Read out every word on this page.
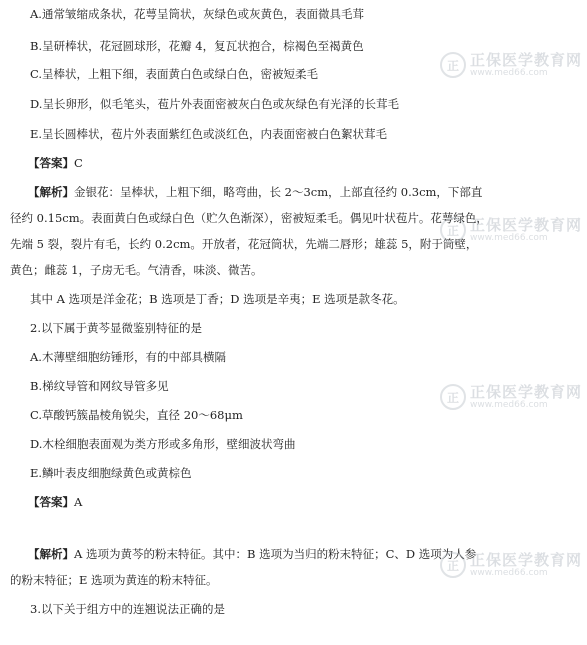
A.通常皱缩成条状，花萼呈筒状，灰绿色或灰黄色，表面微具毛茸
B.呈研棒状，花冠圆球形，花瓣 4，复瓦状抱合，棕褐色至褐黄色
C.呈棒状，上粗下细，表面黄白色或绿白色，密被短柔毛
D.呈长卵形，似毛笔头，苞片外表面密被灰白色或灰绿色有光泽的长茸毛
E.呈长圆棒状，苞片外表面紫红色或淡红色，内表面密被白色絮状茸毛
【答案】C
【解析】金银花：呈棒状，上粗下细，略弯曲，长 2～3cm，上部直径约 0.3cm，下部直
径约 0.15cm。表面黄白色或绿白色（贮久色渐深），密被短柔毛。偶见叶状苞片。花萼绿色，
先端 5 裂，裂片有毛，长约 0.2cm。开放者，花冠筒状，先端二唇形；雄蕊 5，附于筒壁，
黄色；雌蕊 1，子房无毛。气清香，味淡、微苦。
其中 A 选项是洋金花；B 选项是丁香；D 选项是辛夷；E 选项是款冬花。
2.以下属于黄芩显微鉴别特征的是
A.木薄壁细胞纺锤形，有的中部具横隔
B.梯纹导管和网纹导管多见
C.草酸钙簇晶棱角锐尖，直径 20～68μm
D.木栓细胞表面观为类方形或多角形，壁细波状弯曲
E.鳞叶表皮细胞绿黄色或黄棕色
【答案】A
【解析】A 选项为黄芩的粉末特征。其中：B 选项为当归的粉末特征；C、D 选项为人参
的粉末特征；E 选项为黄连的粉末特征。
3.以下关于组方中的连翘说法正确的是
正 正保医学教育网
www.med66.com
正 正保医学教育网
www.med66.com
正 正保医学教育网
www.med66.com
正 正保医学教育网
www.med66.com
